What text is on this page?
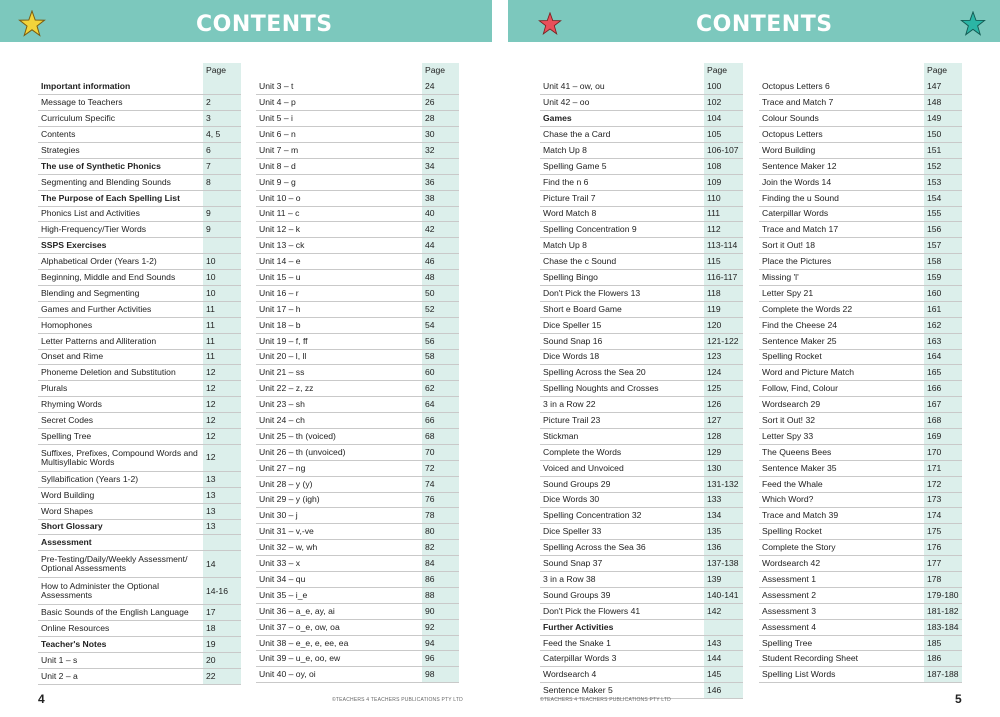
CONTENTS	CONTENTS
	Page
Important information	
Message to Teachers	2
Curriculum Specific	3
Contents	4, 5
Strategies	6
The use of Synthetic Phonics	7
Segmenting and Blending Sounds	8
The Purpose of Each Spelling List	
Phonics List and Activities	9
High-Frequency/Tier Words	9
SSPS Exercises	
Alphabetical Order (Years 1-2)	10
Beginning, Middle and End Sounds	10
Blending and Segmenting	10
Games and Further Activities	11
Homophones	11
Letter Patterns and Alliteration	11
Onset and Rime	11
Phoneme Deletion and Substitution	12
Plurals	12
Rhyming Words	12
Secret Codes	12
Spelling Tree	12
Suffixes, Prefixes, Compound Words and Multisyllabic Words	12
Syllabification (Years 1-2)	13
Word Building	13
Word Shapes	13
Short Glossary	13
Assessment	
Pre-Testing/Daily/Weekly Assessment/ Optional Assessments	14
How to Administer the Optional Assessments	14-16
Basic Sounds of the English Language	17
Online Resources	18
Teacher's Notes	19
Unit 1 – s	20
Unit 2 – a	22
	Page
Unit 3 – t	24
Unit 4 – p	26
Unit 5 – i	28
Unit 6 – n	30
Unit 7 – m	32
Unit 8 – d	34
Unit 9 – g	36
Unit 10 – o	38
Unit 11 – c	40
Unit 12 – k	42
Unit 13 – ck	44
Unit 14 – e	46
Unit 15 – u	48
Unit 16 – r	50
Unit 17 – h	52
Unit 18 – b	54
Unit 19 – f, ff	56
Unit 20 – l, ll	58
Unit 21 – ss	60
Unit 22 – z, zz	62
Unit 23 – sh	64
Unit 24 – ch	66
Unit 25 – th (voiced)	68
Unit 26 – th (unvoiced)	70
Unit 27 – ng	72
Unit 28 – y (y)	74
Unit 29 – y (igh)	76
Unit 30 – j	78
Unit 31 – v,-ve	80
Unit 32 – w, wh	82
Unit 33 – x	84
Unit 34 – qu	86
Unit 35 – i_e	88
Unit 36 – a_e, ay, ai	90
Unit 37 – o_e, ow, oa	92
Unit 38 – e_e, e, ee, ea	94
Unit 39 – u_e, oo, ew	96
Unit 40 – oy, oi	98
	Page
Unit 41 – ow, ou	100
Unit 42 – oo	102
Games	104
Chase the a Card	105
Match Up 8	106-107
Spelling Game 5	108
Find the n 6	109
Picture Trail 7	110
Word Match 8	111
Spelling Concentration 9	112
Match Up 8	113-114
Chase the c Sound	115
Spelling Bingo	116-117
Don't Pick the Flowers 13	118
Short e Board Game	119
Dice Speller 15	120
Sound Snap 16	121-122
Dice Words 18	123
Spelling Across the Sea 20	124
Spelling Noughts and Crosses	125
3 in a Row 22	126
Picture Trail 23	127
Stickman	128
Complete the Words	129
Voiced and Unvoiced	130
Sound Groups 29	131-132
Dice Words 30	133
Spelling Concentration 32	134
Dice Speller 33	135
Spelling Across the Sea 36	136
Sound Snap 37	137-138
3 in a Row 38	139
Sound Groups 39	140-141
Don't Pick the Flowers 41	142
Further Activities	
Feed the Snake 1	143
Caterpillar Words 3	144
Wordsearch 4	145
Sentence Maker 5	146
	Page
Octopus Letters 6	147
Trace and Match 7	148
Colour Sounds	149
Octopus Letters	150
Word Building	151
Sentence Maker 12	152
Join the Words 14	153
Finding the u Sound	154
Caterpillar Words	155
Trace and Match 17	156
Sort it Out! 18	157
Place the Pictures	158
Missing 'l'	159
Letter Spy 21	160
Complete the Words 22	161
Find the Cheese 24	162
Sentence Maker 25	163
Spelling Rocket	164
Word and Picture Match	165
Follow, Find, Colour	166
Wordsearch 29	167
Sort it Out! 32	168
Letter Spy 33	169
The Queens Bees	170
Sentence Maker 35	171
Feed the Whale	172
Which Word?	173
Trace and Match 39	174
Spelling Rocket	175
Complete the Story	176
Wordsearch 42	177
Assessment 1	178
Assessment 2	179-180
Assessment 3	181-182
Assessment 4	183-184
Spelling Tree	185
Student Recording Sheet	186
Spelling List Words	187-188
4	©TEACHERS 4 TEACHERS PUBLICATIONS PTY LTD	©TEACHERS 4 TEACHERS PUBLICATIONS PTY LTD	5
